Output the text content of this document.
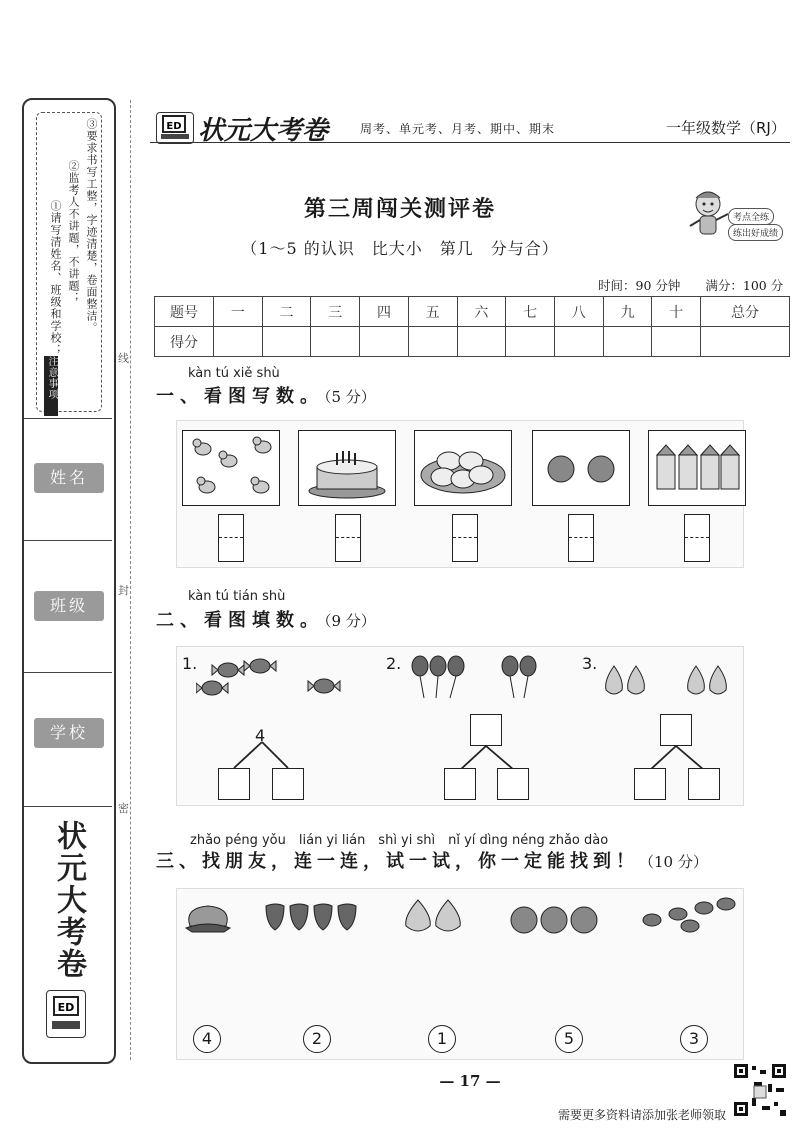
③要求书写工整，字迹清楚，卷面整洁。
②监考人不讲题，不讲题；
①请写清姓名、班级和学校；
注意事项
姓名
班级
学校
状元大考卷
ED
线
封
密
ED 状元大考卷	周考、单元考、月考、期中、期末	一年级数学（RJ）
第三周闯关测评卷
（1～5 的认识　比大小　第几　分与合）
考点全练
练出好成绩
时间：90 分钟　　满分：100 分
题号	一	二	三	四	五	六	七	八	九	十	总分
得分											
kàn tú xiě shù
一、看图写数。（5 分）
kàn tú tián shù
二、看图填数。（9 分）
1.
4
2.	3.
zhǎo péng yǒu　lián yi lián　shì yi shì　nǐ yí dìng néng zhǎo dào
三、找朋友，连一连，试一试，你一定能找到！（10 分）
4	2	1	5	3
— 17 —
需要更多资料请添加张老师领取
